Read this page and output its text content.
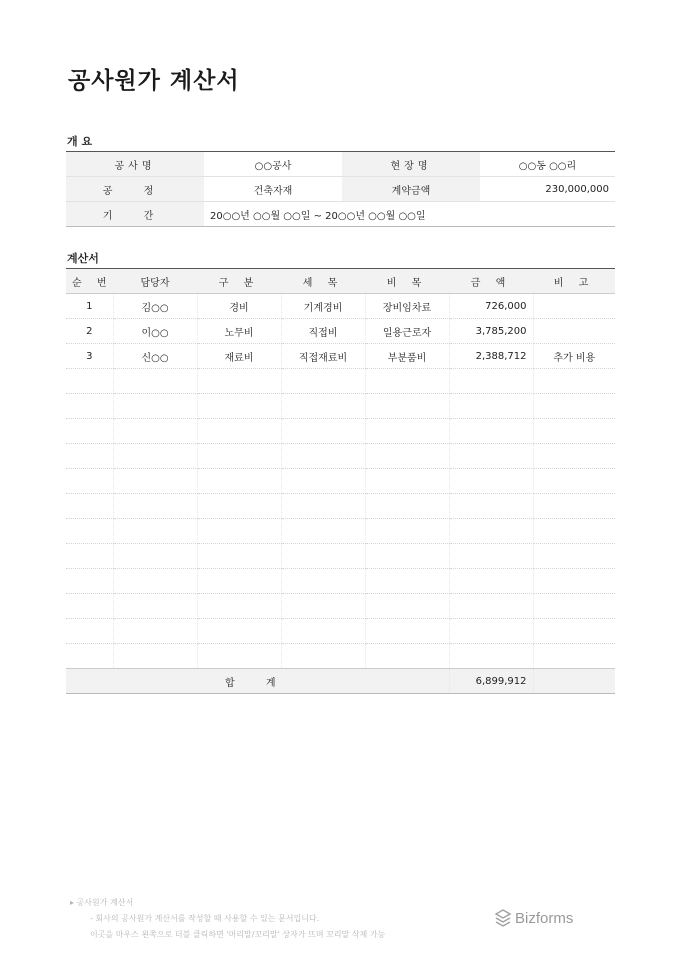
공사원가 계산서
개 요
공사명	○○공사	현장명	○○동 ○○리
공 정	건축자재	계약금액	230,000,000
기 간	20○○년 ○○월 ○○일 ~ 20○○년 ○○월 ○○일		
계산서
순 번	담당자	구 분	세 목	비 목	금 액	비 고
1	김○○	경비	기계경비	장비임차료	726,000	
2	이○○	노무비	직접비	일용근로자	3,785,200	
3	신○○	재료비	직접재료비	부분품비	2,388,712	추가 비용

합 계					6,899,912	
▸ 공사원가 계산서
- 회사의 공사원가 계산서를 작성할 때 사용할 수 있는 문서입니다.
이곳을 마우스 왼쪽으로 더블 클릭하면 '머리말/꼬리말' 상자가 뜨며 꼬리말 삭제 가능
Bizforms
